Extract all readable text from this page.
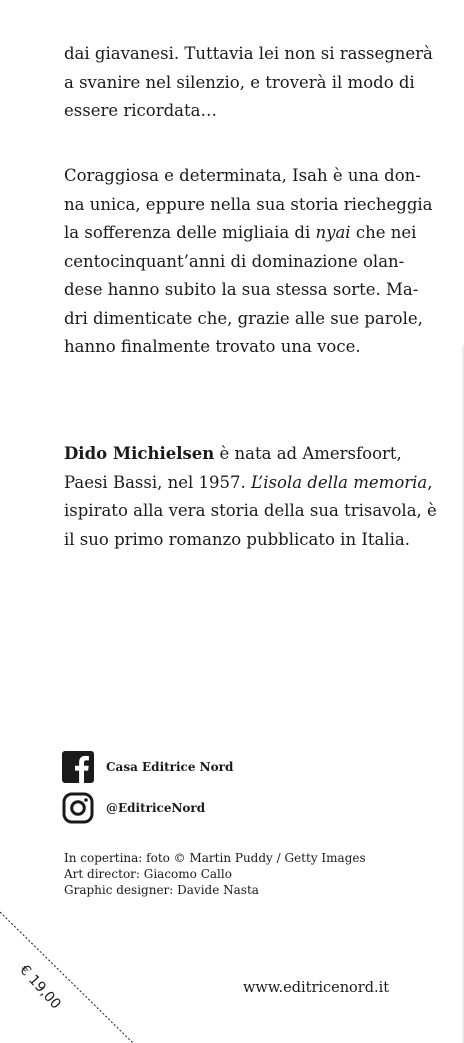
dai giavanesi. Tuttavia lei non si rassegnerà
a svanire nel silenzio, e troverà il modo di
essere ricordata…
Coraggiosa e determinata, Isah è una don-
na unica, eppure nella sua storia riecheggia
la sofferenza delle migliaia di nyai che nei
centocinquant’anni di dominazione olan-
dese hanno subito la sua stessa sorte. Ma-
dri dimenticate che, grazie alle sue parole,
hanno finalmente trovato una voce.
Dido Michielsen è nata ad Amersfoort,
Paesi Bassi, nel 1957. L’isola della memoria,
ispirato alla vera storia della sua trisavola, è
il suo primo romanzo pubblicato in Italia.
Casa Editrice Nord
@EditriceNord
In copertina: foto © Martin Puddy / Getty Images
Art director: Giacomo Callo
Graphic designer: Davide Nasta
€ 19,00	www.editricenord.it
